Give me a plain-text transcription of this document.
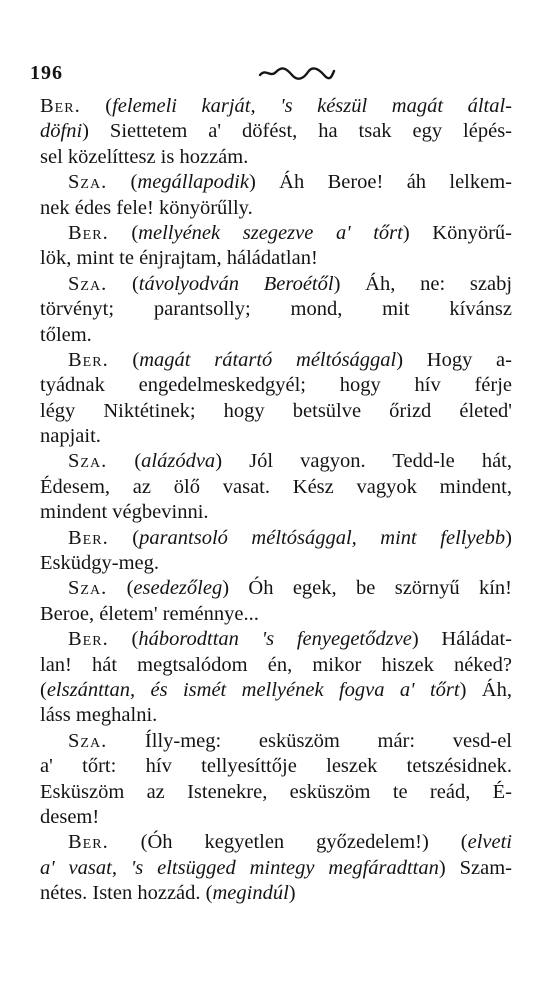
196
Ber. (felemeli karját, 's készül magát által-
döfni) Siettetem a' döfést, ha tsak egy lépés-
sel közelíttesz is hozzám.
Sza. (megállapodik) Áh Beroe! áh lelkem-
nek édes fele! könyörűlly.
Ber. (mellyének szegezve a' tőrt) Könyörű-
lök, mint te énjrajtam, háládatlan!
Sza. (távolyodván Beroétől) Áh, ne: szabj
törvényt; parantsolly; mond, mit kívánsz
tőlem.
Ber. (magát rátartó méltósággal) Hogy a-
tyádnak engedelmeskedgyél; hogy hív férje
légy Niktétinek; hogy betsülve őrizd életed'
napjait.
Sza. (alázódva) Jól vagyon. Tedd-le hát,
Édesem, az ölő vasat. Kész vagyok mindent,
mindent végbevinni.
Ber. (parantsoló méltósággal, mint fellyebb)
Esküdgy-meg.
Sza. (esedezőleg) Óh egek, be szörnyű kín!
Beroe, életem' reménnye...
Ber. (háborodttan 's fenyegetődzve) Háládat-
lan! hát megtsalódom én, mikor hiszek néked?
(elszánttan, és ismét mellyének fogva a' tőrt) Áh,
láss meghalni.
Sza. Ílly-meg: esküszöm már: vesd-el
a' tőrt: hív tellyesíttője leszek tetszésidnek.
Esküszöm az Istenekre, esküszöm te reád, É-
desem!
Ber. (Óh kegyetlen győzedelem!) (elveti
a' vasat, 's eltsügged mintegy megfáradttan) Szam-
nétes. Isten hozzád. (megindúl)
